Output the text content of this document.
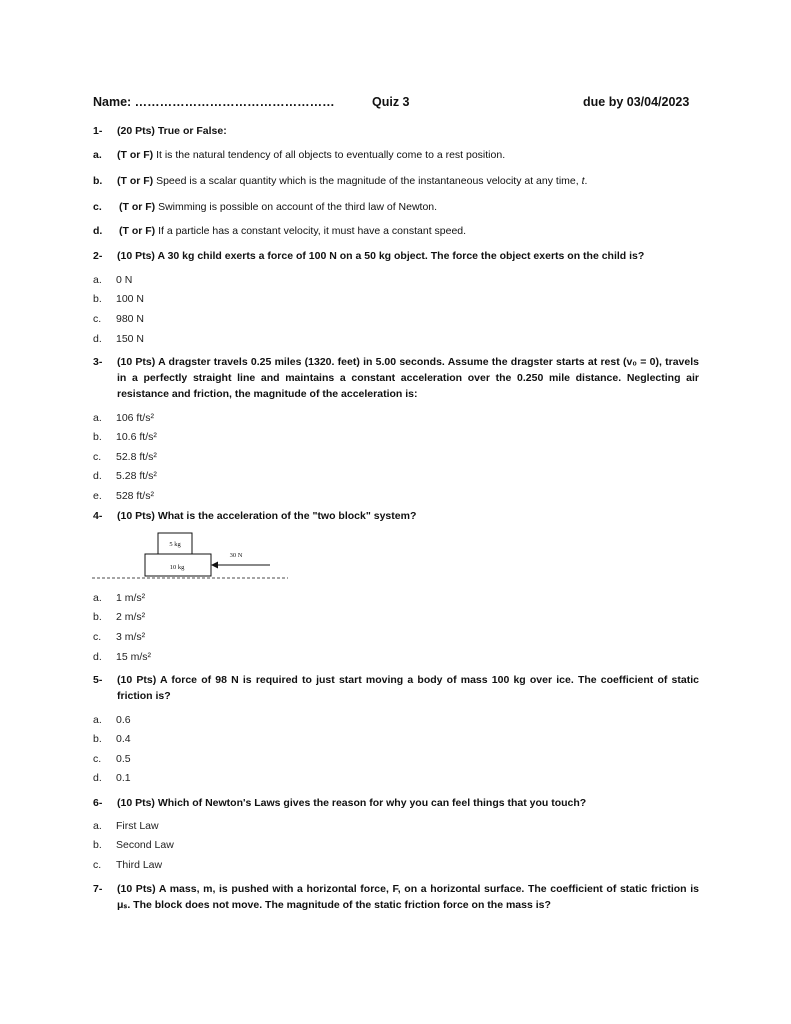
Name: …………………………………………	Quiz 3	due by 03/04/2023
1- (20 Pts) True or False:
a. (T or F) It is the natural tendency of all objects to eventually come to a rest position.
b. (T or F) Speed is a scalar quantity which is the magnitude of the instantaneous velocity at any time, t.
c. (T or F) Swimming is possible on account of the third law of Newton.
d. (T or F) If a particle has a constant velocity, it must have a constant speed.
2- (10 Pts) A 30 kg child exerts a force of 100 N on a 50 kg object. The force the object exerts on the child is?
a. 0 N
b. 100 N
c. 980 N
d. 150 N
3- (10 Pts) A dragster travels 0.25 miles (1320. feet) in 5.00 seconds. Assume the dragster starts at rest (v₀ = 0), travels in a perfectly straight line and maintains a constant acceleration over the 0.250 mile distance. Neglecting air resistance and friction, the magnitude of the acceleration is:
a. 106 ft/s²
b. 10.6 ft/s²
c. 52.8 ft/s²
d. 5.28 ft/s²
e. 528 ft/s²
4- (10 Pts) What is the acceleration of the "two block" system?
5 kg
10 kg
30 N
a. 1 m/s²
b. 2 m/s²
c. 3 m/s²
d. 15 m/s²
5- (10 Pts) A force of 98 N is required to just start moving a body of mass 100 kg over ice. The coefficient of static friction is?
a. 0.6
b. 0.4
c. 0.5
d. 0.1
6- (10 Pts) Which of Newton's Laws gives the reason for why you can feel things that you touch?
a. First Law
b. Second Law
c. Third Law
7- (10 Pts) A mass, m, is pushed with a horizontal force, F, on a horizontal surface. The coefficient of static friction is μₛ. The block does not move. The magnitude of the static friction force on the mass is?
